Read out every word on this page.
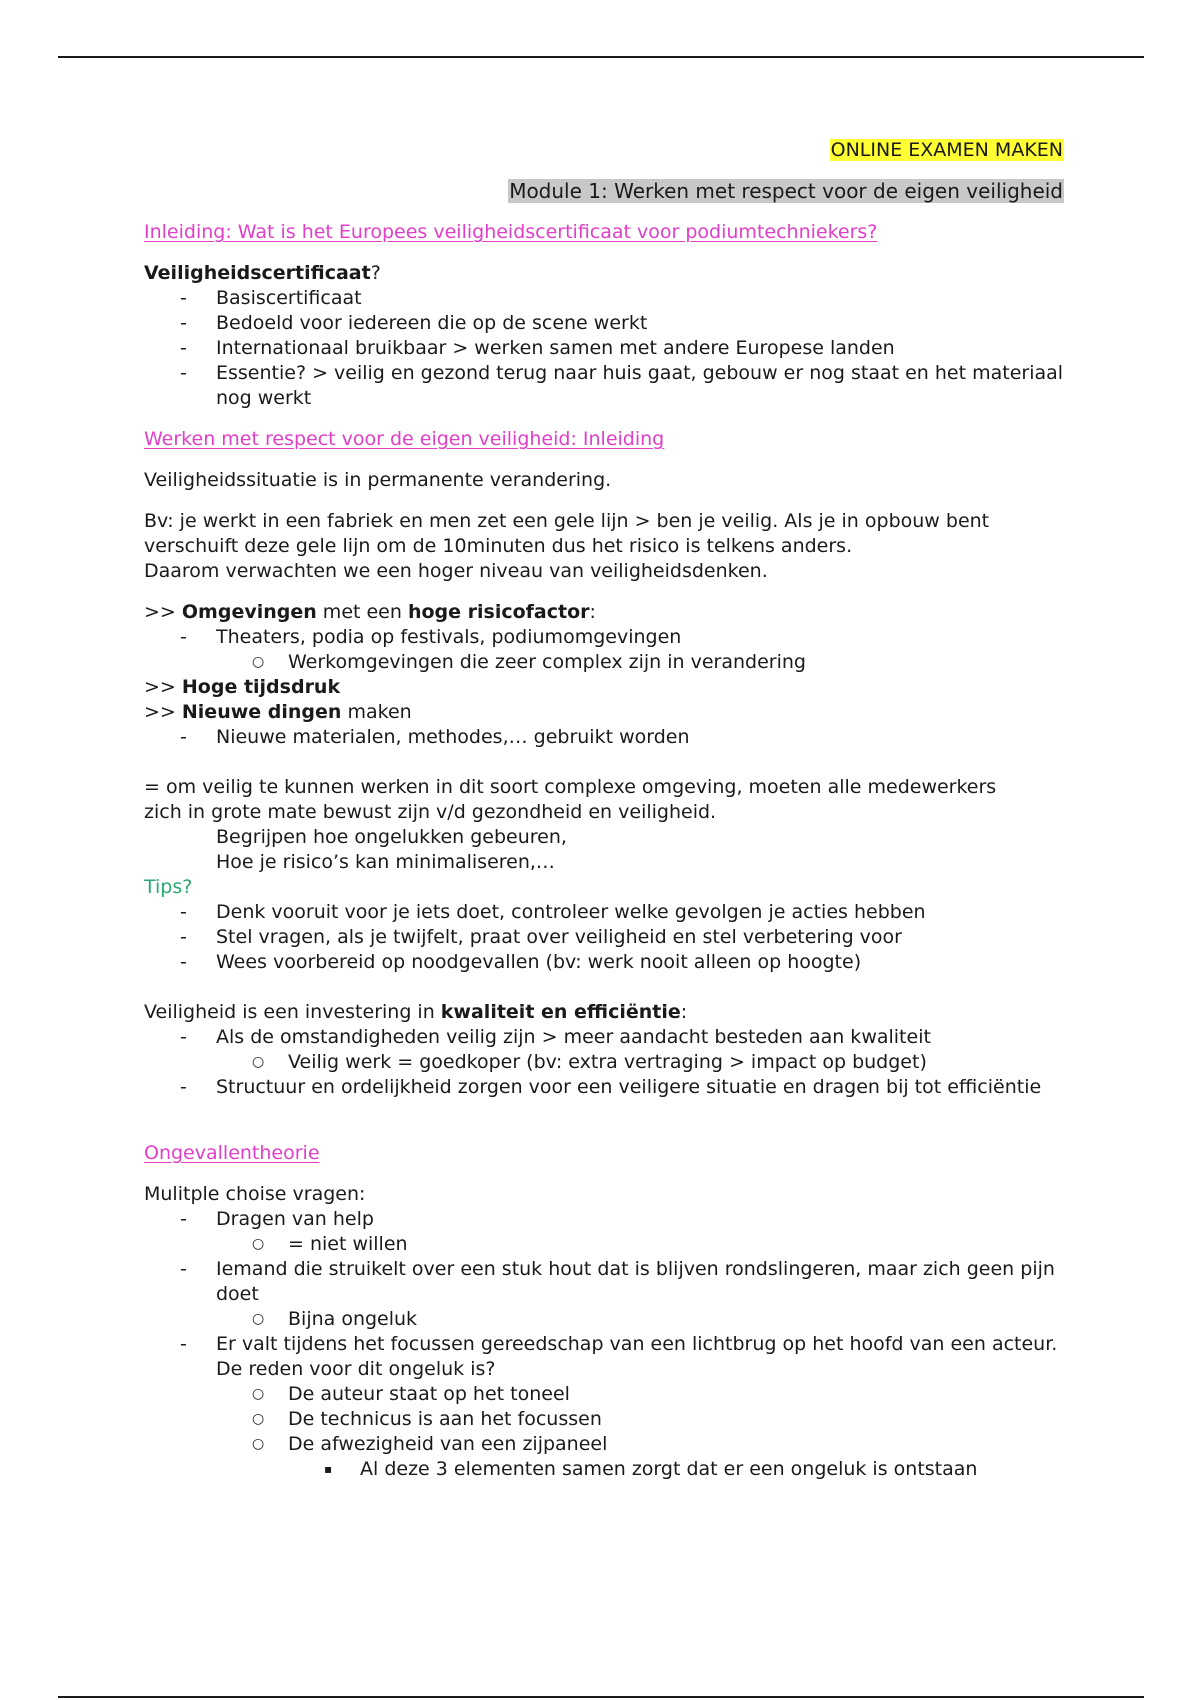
ONLINE EXAMEN MAKEN
Module 1: Werken met respect voor de eigen veiligheid
Inleiding: Wat is het Europees veiligheidscertificaat voor podiumtechniekers?
Veiligheidscertificaat?
- Basiscertificaat
- Bedoeld voor iedereen die op de scene werkt
- Internationaal bruikbaar > werken samen met andere Europese landen
- Essentie? > veilig en gezond terug naar huis gaat, gebouw er nog staat en het materiaal nog werkt
Werken met respect voor de eigen veiligheid: Inleiding
Veiligheidssituatie is in permanente verandering.
Bv: je werkt in een fabriek en men zet een gele lijn > ben je veilig. Als je in opbouw bent
verschuift deze gele lijn om de 10minuten dus het risico is telkens anders.
Daarom verwachten we een hoger niveau van veiligheidsdenken.
>> Omgevingen met een hoge risicofactor:
- Theaters, podia op festivals, podiumomgevingen
○ Werkomgevingen die zeer complex zijn in verandering
>> Hoge tijdsdruk
>> Nieuwe dingen maken
- Nieuwe materialen, methodes,… gebruikt worden
= om veilig te kunnen werken in dit soort complexe omgeving, moeten alle medewerkers
zich in grote mate bewust zijn v/d gezondheid en veiligheid.
Begrijpen hoe ongelukken gebeuren,
Hoe je risico’s kan minimaliseren,…
Tips?
- Denk vooruit voor je iets doet, controleer welke gevolgen je acties hebben
- Stel vragen, als je twijfelt, praat over veiligheid en stel verbetering voor
- Wees voorbereid op noodgevallen (bv: werk nooit alleen op hoogte)
Veiligheid is een investering in kwaliteit en efficiëntie:
- Als de omstandigheden veilig zijn > meer aandacht besteden aan kwaliteit
○ Veilig werk = goedkoper (bv: extra vertraging > impact op budget)
- Structuur en ordelijkheid zorgen voor een veiligere situatie en dragen bij tot efficiëntie
Ongevallentheorie
Mulitple choise vragen:
- Dragen van help
○ = niet willen
- Iemand die struikelt over een stuk hout dat is blijven rondslingeren, maar zich geen pijn doet
○ Bijna ongeluk
- Er valt tijdens het focussen gereedschap van een lichtbrug op het hoofd van een acteur. De reden voor dit ongeluk is?
○ De auteur staat op het toneel
○ De technicus is aan het focussen
○ De afwezigheid van een zijpaneel
▪ Al deze 3 elementen samen zorgt dat er een ongeluk is ontstaan
